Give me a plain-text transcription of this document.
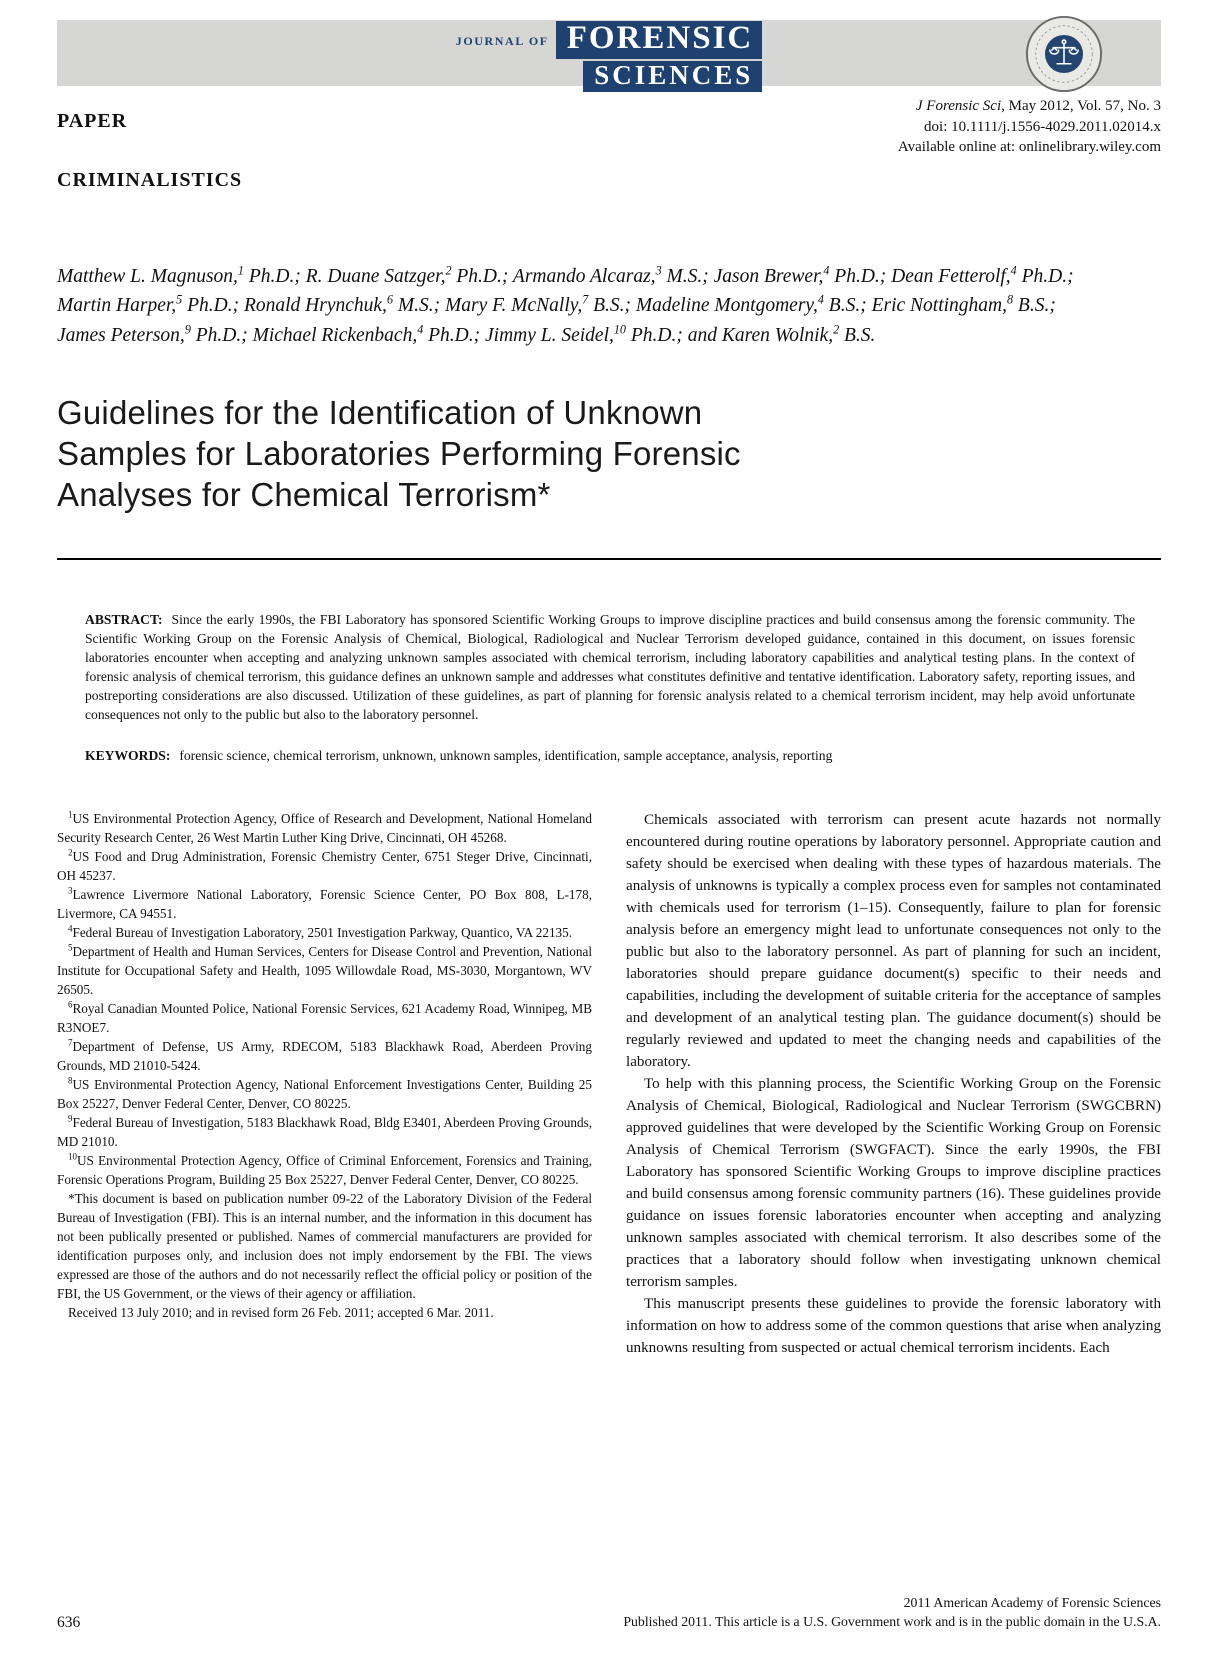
JOURNAL OF FORENSIC
SCIENCES
PAPER
CRIMINALISTICS
J Forensic Sci, May 2012, Vol. 57, No. 3
doi: 10.1111/j.1556-4029.2011.02014.x
Available online at: onlinelibrary.wiley.com
Matthew L. Magnuson,$^1$ Ph.D.; R. Duane Satzger,$^2$ Ph.D.; Armando Alcaraz,$^3$ M.S.; Jason Brewer,$^4$ Ph.D.; Dean Fetterolf,$^4$ Ph.D.; Martin Harper,$^5$ Ph.D.; Ronald Hrynchuk,$^6$ M.S.; Mary F. McNally,$^7$ B.S.; Madeline Montgomery,$^4$ B.S.; Eric Nottingham,$^8$ B.S.; James Peterson,$^9$ Ph.D.; Michael Rickenbach,$^4$ Ph.D.; Jimmy L. Seidel,$^{10}$ Ph.D.; and Karen Wolnik,$^2$ B.S.
Guidelines for the Identification of Unknown
Samples for Laboratories Performing Forensic
Analyses for Chemical Terrorism*
ABSTRACT: Since the early 1990s, the FBI Laboratory has sponsored Scientific Working Groups to improve discipline practices and build consensus among the forensic community. The Scientific Working Group on the Forensic Analysis of Chemical, Biological, Radiological and Nuclear Terrorism developed guidance, contained in this document, on issues forensic laboratories encounter when accepting and analyzing unknown samples associated with chemical terrorism, including laboratory capabilities and analytical testing plans. In the context of forensic analysis of chemical terrorism, this guidance defines an unknown sample and addresses what constitutes definitive and tentative identification. Laboratory safety, reporting issues, and postreporting considerations are also discussed. Utilization of these guidelines, as part of planning for forensic analysis related to a chemical terrorism incident, may help avoid unfortunate consequences not only to the public but also to the laboratory personnel.
KEYWORDS: forensic science, chemical terrorism, unknown, unknown samples, identification, sample acceptance, analysis, reporting

$^1$US Environmental Protection Agency, Office of Research and Development, National Homeland Security Research Center, 26 West Martin Luther King Drive, Cincinnati, OH 45268.

$^2$US Food and Drug Administration, Forensic Chemistry Center, 6751 Steger Drive, Cincinnati, OH 45237.

$^3$Lawrence Livermore National Laboratory, Forensic Science Center, PO Box 808, L-178, Livermore, CA 94551.

$^4$Federal Bureau of Investigation Laboratory, 2501 Investigation Parkway, Quantico, VA 22135.

$^5$Department of Health and Human Services, Centers for Disease Control and Prevention, National Institute for Occupational Safety and Health, 1095 Willowdale Road, MS-3030, Morgantown, WV 26505.

$^6$Royal Canadian Mounted Police, National Forensic Services, 621 Academy Road, Winnipeg, MB R3NOE7.

$^7$Department of Defense, US Army, RDECOM, 5183 Blackhawk Road, Aberdeen Proving Grounds, MD 21010-5424.

$^8$US Environmental Protection Agency, National Enforcement Investigations Center, Building 25 Box 25227, Denver Federal Center, Denver, CO 80225.

$^9$Federal Bureau of Investigation, 5183 Blackhawk Road, Bldg E3401, Aberdeen Proving Grounds, MD 21010.

$^{10}$US Environmental Protection Agency, Office of Criminal Enforcement, Forensics and Training, Forensic Operations Program, Building 25 Box 25227, Denver Federal Center, Denver, CO 80225.

*This document is based on publication number 09-22 of the Laboratory Division of the Federal Bureau of Investigation (FBI). This is an internal number, and the information in this document has not been publically presented or published. Names of commercial manufacturers are provided for identification purposes only, and inclusion does not imply endorsement by the FBI. The views expressed are those of the authors and do not necessarily reflect the official policy or position of the FBI, the US Government, or the views of their agency or affiliation.

Received 13 July 2010; and in revised form 26 Feb. 2011; accepted 6 Mar. 2011.

Chemicals associated with terrorism can present acute hazards not normally encountered during routine operations by laboratory personnel. Appropriate caution and safety should be exercised when dealing with these types of hazardous materials. The analysis of unknowns is typically a complex process even for samples not contaminated with chemicals used for terrorism (1–15). Consequently, failure to plan for forensic analysis before an emergency might lead to unfortunate consequences not only to the public but also to the laboratory personnel. As part of planning for such an incident, laboratories should prepare guidance document(s) specific to their needs and capabilities, including the development of suitable criteria for the acceptance of samples and development of an analytical testing plan. The guidance document(s) should be regularly reviewed and updated to meet the changing needs and capabilities of the laboratory.

To help with this planning process, the Scientific Working Group on the Forensic Analysis of Chemical, Biological, Radiological and Nuclear Terrorism (SWGCBRN) approved guidelines that were developed by the Scientific Working Group on Forensic Analysis of Chemical Terrorism (SWGFACT). Since the early 1990s, the FBI Laboratory has sponsored Scientific Working Groups to improve discipline practices and build consensus among forensic community partners (16). These guidelines provide guidance on issues forensic laboratories encounter when accepting and analyzing unknown samples associated with chemical terrorism. It also describes some of the practices that a laboratory should follow when investigating unknown chemical terrorism samples.

This manuscript presents these guidelines to provide the forensic laboratory with information on how to address some of the common questions that arise when analyzing unknowns resulting from suspected or actual chemical terrorism incidents. Each

636
2011 American Academy of Forensic Sciences
Published 2011. This article is a U.S. Government work and is in the public domain in the U.S.A.
